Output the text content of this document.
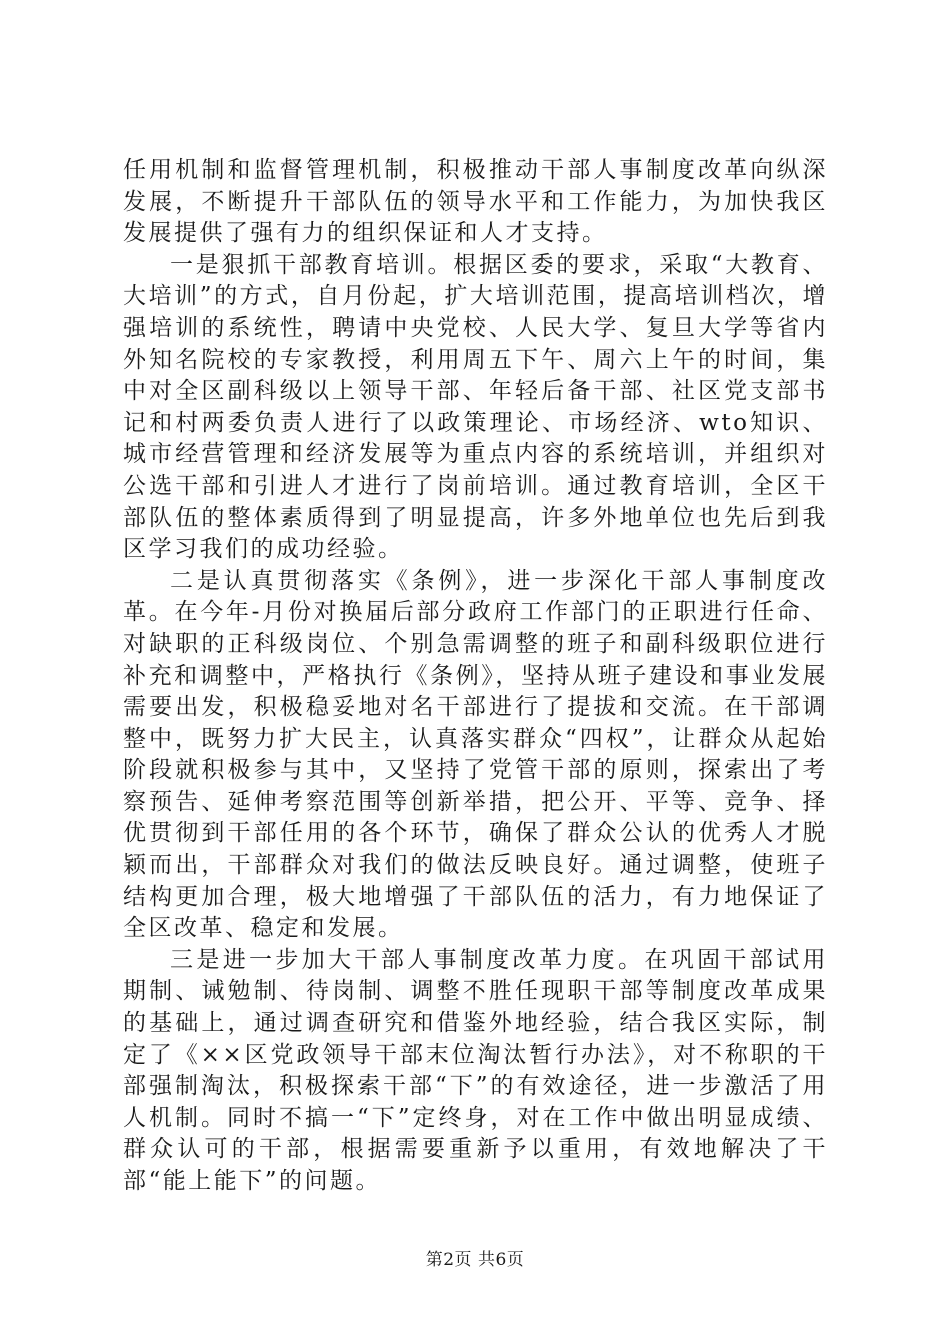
任用机制和监督管理机制，积极推动干部人事制度改革向纵深发展，不断提升干部队伍的领导水平和工作能力，为加快我区发展提供了强有力的组织保证和人才支持。

一是狠抓干部教育培训。根据区委的要求，采取“大教育、大培训”的方式，自月份起，扩大培训范围，提高培训档次，增强培训的系统性，聘请中央党校、人民大学、复旦大学等省内外知名院校的专家教授，利用周五下午、周六上午的时间，集中对全区副科级以上领导干部、年轻后备干部、社区党支部书记和村两委负责人进行了以政策理论、市场经济、wto知识、城市经营管理和经济发展等为重点内容的系统培训，并组织对公选干部和引进人才进行了岗前培训。通过教育培训，全区干部队伍的整体素质得到了明显提高，许多外地单位也先后到我区学习我们的成功经验。

二是认真贯彻落实《条例》，进一步深化干部人事制度改革。在今年-月份对换届后部分政府工作部门的正职进行任命、对缺职的正科级岗位、个别急需调整的班子和副科级职位进行补充和调整中，严格执行《条例》，坚持从班子建设和事业发展需要出发，积极稳妥地对名干部进行了提拔和交流。在干部调整中，既努力扩大民主，认真落实群众“四权”，让群众从起始阶段就积极参与其中，又坚持了党管干部的原则，探索出了考察预告、延伸考察范围等创新举措，把公开、平等、竞争、择优贯彻到干部任用的各个环节，确保了群众公认的优秀人才脱颖而出，干部群众对我们的做法反映良好。通过调整，使班子结构更加合理，极大地增强了干部队伍的活力，有力地保证了全区改革、稳定和发展。

三是进一步加大干部人事制度改革力度。在巩固干部试用期制、诫勉制、待岗制、调整不胜任现职干部等制度改革成果的基础上，通过调查研究和借鉴外地经验，结合我区实际，制定了《××区党政领导干部末位淘汰暂行办法》，对不称职的干部强制淘汰，积极探索干部“下”的有效途径，进一步激活了用人机制。同时不搞一“下”定终身，对在工作中做出明显成绩、群众认可的干部，根据需要重新予以重用，有效地解决了干部“能上能下”的问题。

第2页 共6页
